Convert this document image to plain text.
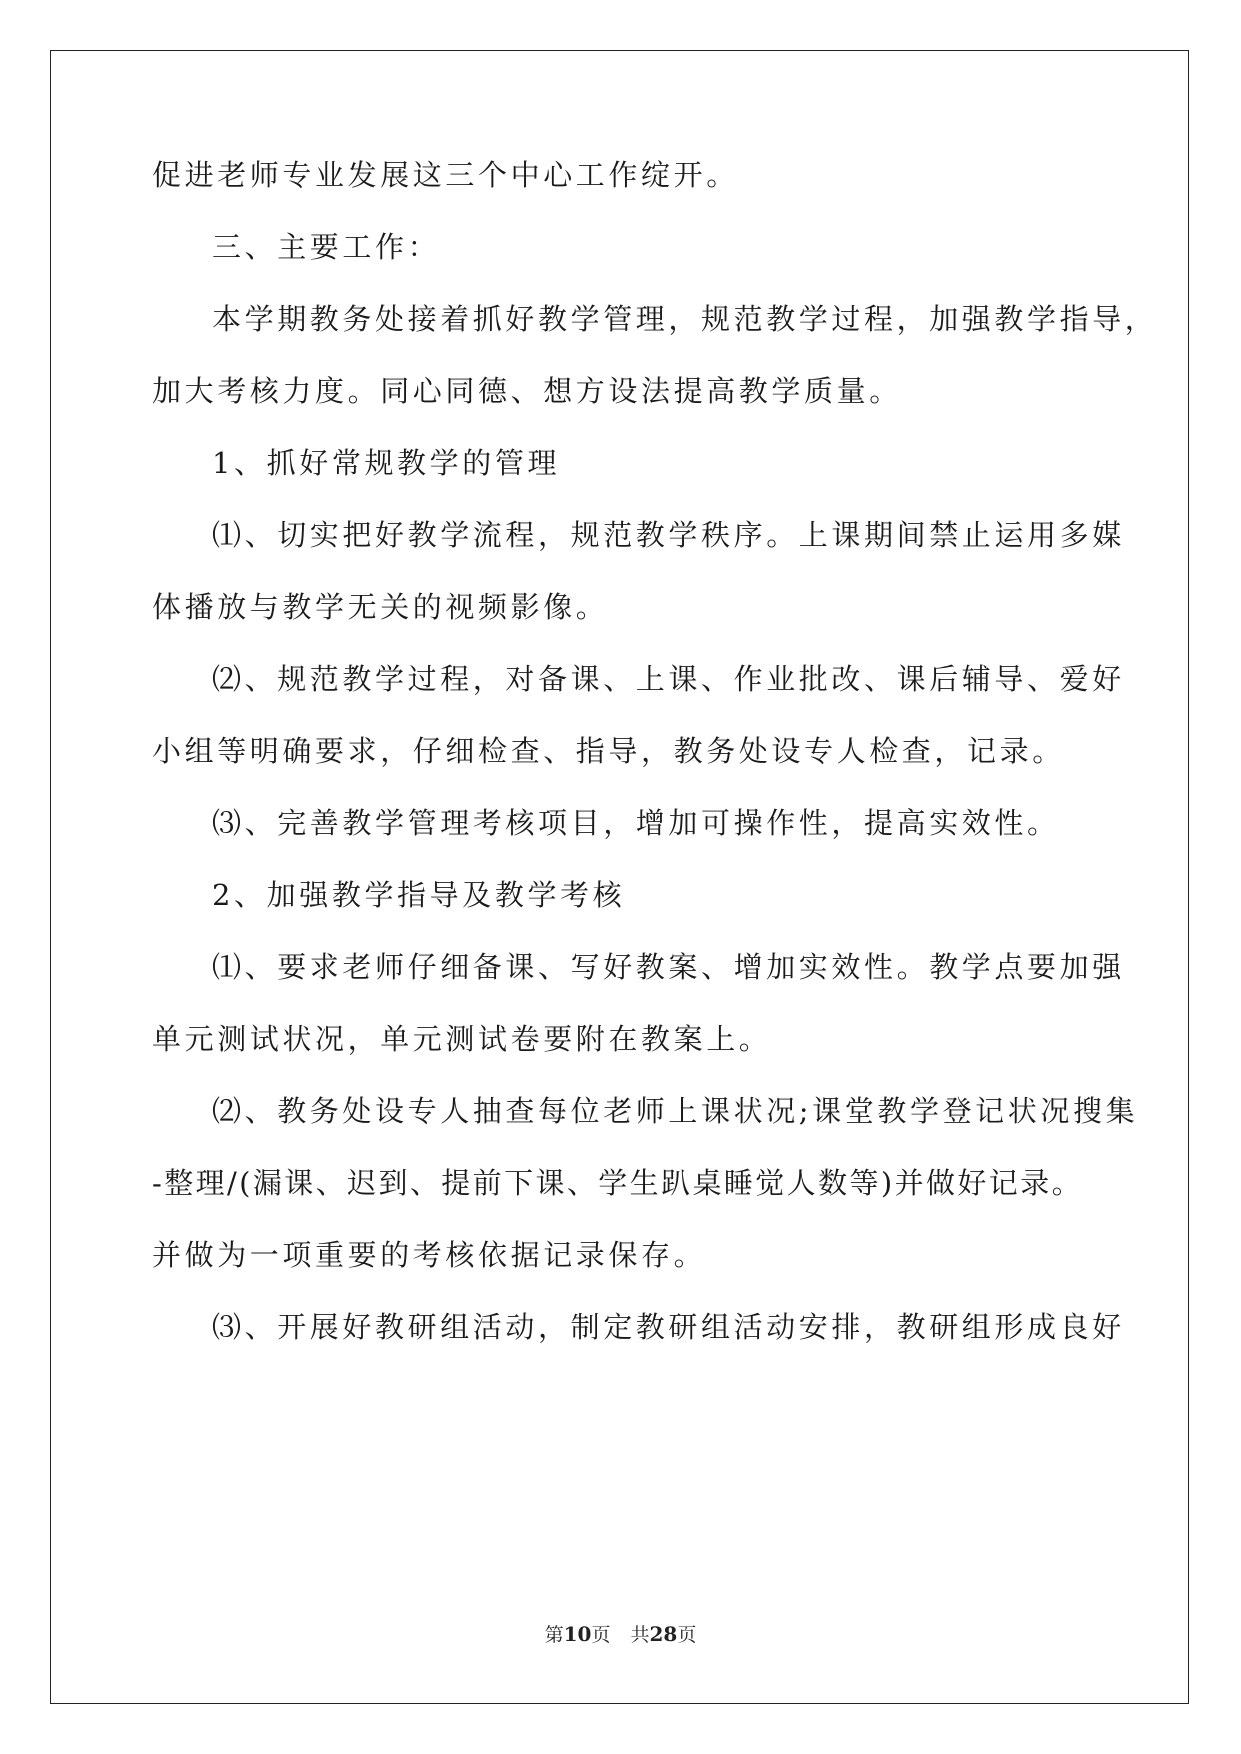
促进老师专业发展这三个中心工作绽开。
三、主要工作：
本学期教务处接着抓好教学管理，规范教学过程，加强教学指导，
加大考核力度。同心同德、想方设法提高教学质量。
1、抓好常规教学的管理
⑴、切实把好教学流程，规范教学秩序。上课期间禁止运用多媒
体播放与教学无关的视频影像。
⑵、规范教学过程，对备课、上课、作业批改、课后辅导、爱好
小组等明确要求，仔细检查、指导，教务处设专人检查，记录。
⑶、完善教学管理考核项目，增加可操作性，提高实效性。
2、加强教学指导及教学考核
⑴、要求老师仔细备课、写好教案、增加实效性。教学点要加强
单元测试状况，单元测试卷要附在教案上。
⑵、教务处设专人抽查每位老师上课状况;课堂教学登记状况搜集
-整理/(漏课、迟到、提前下课、学生趴桌睡觉人数等)并做好记录。
并做为一项重要的考核依据记录保存。
⑶、开展好教研组活动，制定教研组活动安排，教研组形成良好
第10页 共28页
